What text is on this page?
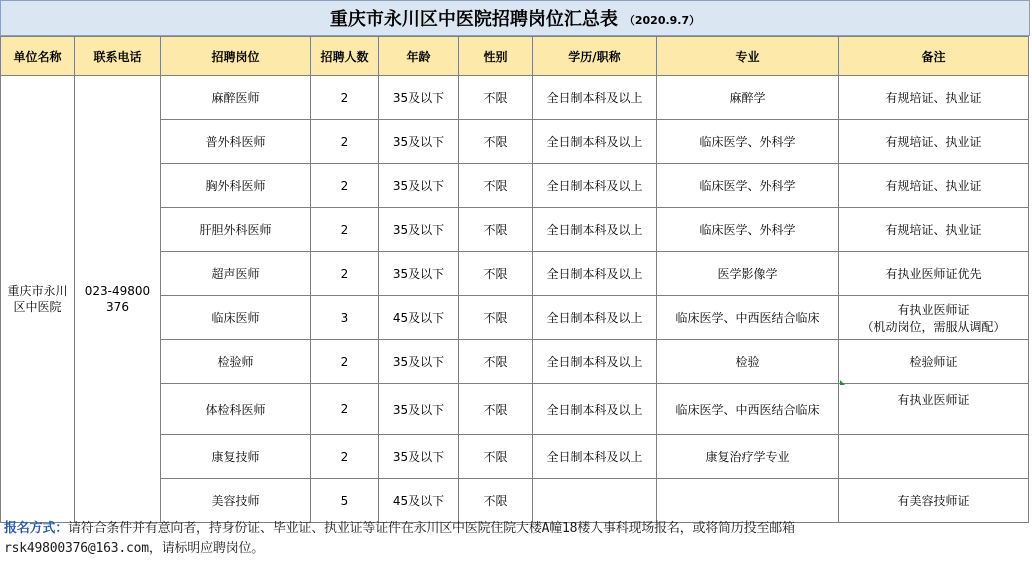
重庆市永川区中医院招聘岗位汇总表 （2020.9.7）
单位名称	联系电话	招聘岗位	招聘人数	年龄	性别	学历/职称	专业	备注
重庆市永川区中医院	023-49800376	麻醉医师	2	35及以下	不限	全日制本科及以上	麻醉学	有规培证、执业证

		普外科医师	2	35及以下	不限	全日制本科及以上	临床医学、外科学	有规培证、执业证

		胸外科医师	2	35及以下	不限	全日制本科及以上	临床医学、外科学	有规培证、执业证

		肝胆外科医师	2	35及以下	不限	全日制本科及以上	临床医学、外科学	有规培证、执业证

		超声医师	2	35及以下	不限	全日制本科及以上	医学影像学	有执业医师证优先

		临床医师	3	45及以下	不限	全日制本科及以上	临床医学、中西医结合临床	有执业医师证
（机动岗位，需服从调配）

		检验师	2	35及以下	不限	全日制本科及以上	检验	检验师证

		体检科医师	2	35及以下	不限	全日制本科及以上	临床医学、中西医结合临床	有执业医师证

		康复技师	2	35及以下	不限	全日制本科及以上	康复治疗学专业	

		美容技师	5	45及以下	不限			有美容技师证
报名方式：请符合条件并有意向者，持身份证、毕业证、执业证等证件在永川区中医院住院大楼A幢18楼人事科现场报名，或将简历投至邮箱
rsk49800376@163.com，请标明应聘岗位。
